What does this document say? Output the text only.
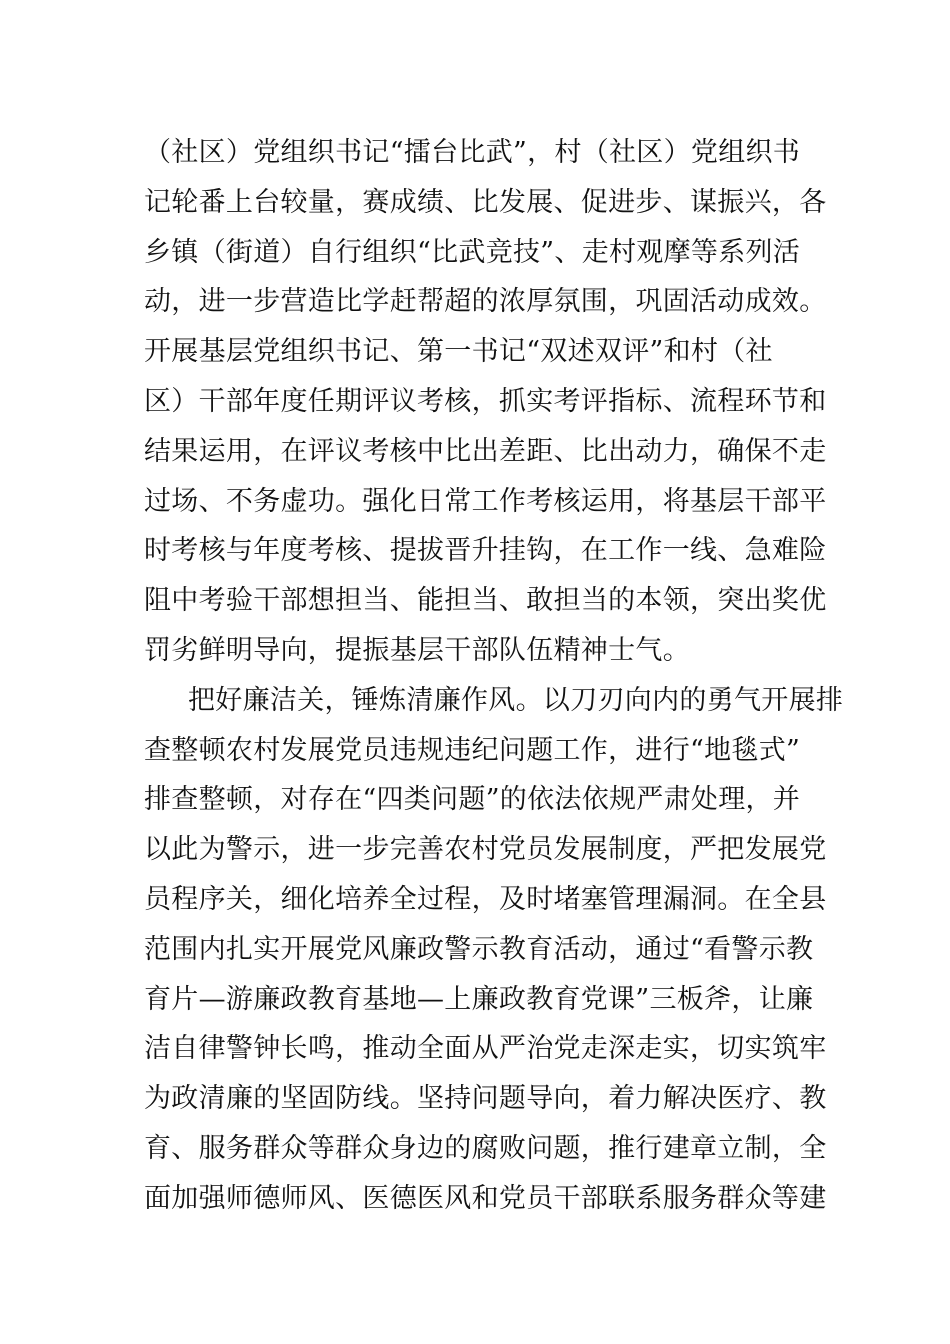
（社区）党组织书记“擂台比武”，村（社区）党组织书
记轮番上台较量，赛成绩、比发展、促进步、谋振兴，各
乡镇（街道）自行组织“比武竞技”、走村观摩等系列活
动，进一步营造比学赶帮超的浓厚氛围，巩固活动成效。
开展基层党组织书记、第一书记“双述双评”和村（社
区）干部年度任期评议考核，抓实考评指标、流程环节和
结果运用，在评议考核中比出差距、比出动力，确保不走
过场、不务虚功。强化日常工作考核运用，将基层干部平
时考核与年度考核、提拔晋升挂钩，在工作一线、急难险
阻中考验干部想担当、能担当、敢担当的本领，突出奖优
罚劣鲜明导向，提振基层干部队伍精神士气。
把好廉洁关，锤炼清廉作风。以刀刃向内的勇气开展排
查整顿农村发展党员违规违纪问题工作，进行“地毯式”
排查整顿，对存在“四类问题”的依法依规严肃处理，并
以此为警示，进一步完善农村党员发展制度，严把发展党
员程序关，细化培养全过程，及时堵塞管理漏洞。在全县
范围内扎实开展党风廉政警示教育活动，通过“看警示教
育片—游廉政教育基地—上廉政教育党课”三板斧，让廉
洁自律警钟长鸣，推动全面从严治党走深走实，切实筑牢
为政清廉的坚固防线。坚持问题导向，着力解决医疗、教
育、服务群众等群众身边的腐败问题，推行建章立制，全
面加强师德师风、医德医风和党员干部联系服务群众等建
